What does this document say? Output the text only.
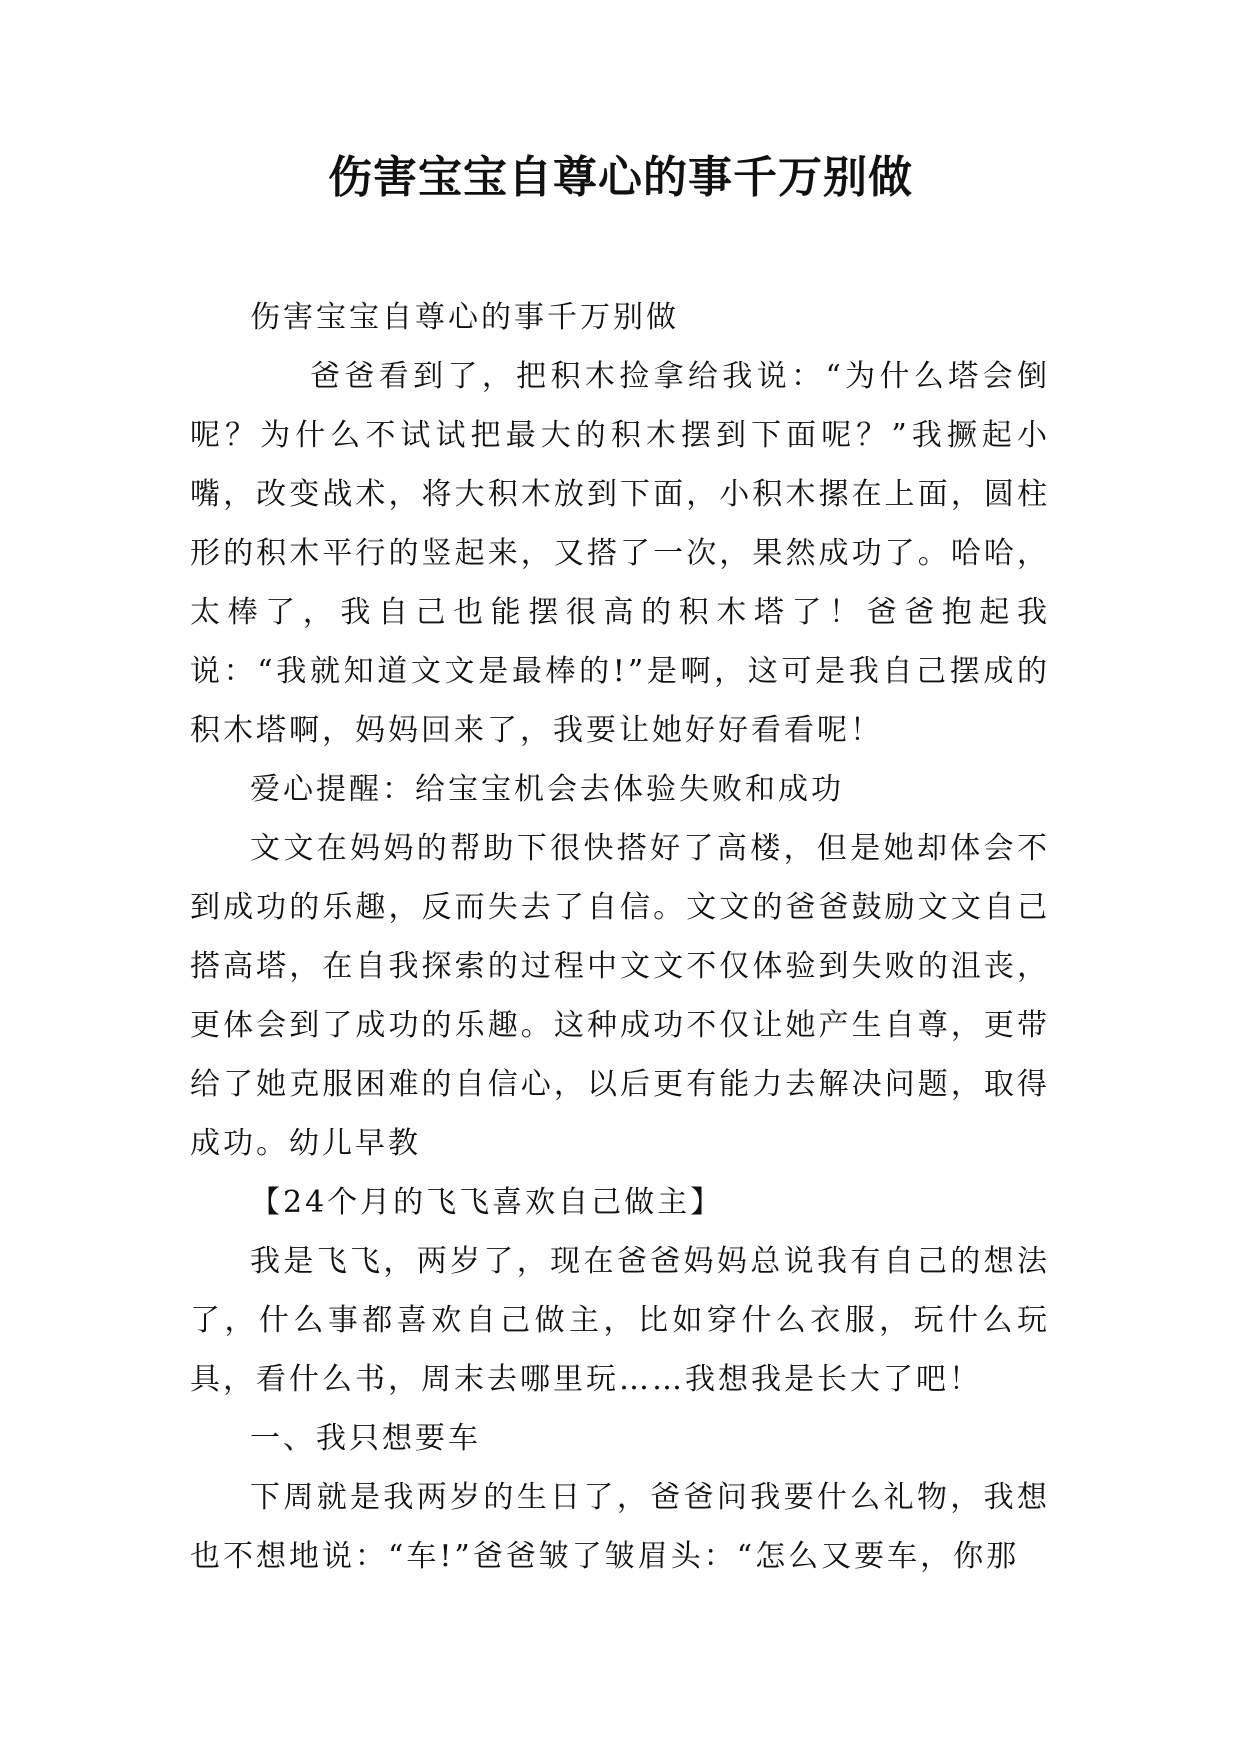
伤害宝宝自尊心的事千万别做

伤害宝宝自尊心的事千万别做

爸爸看到了，把积木捡拿给我说：“为什么塔会倒呢？为什么不试试把最大的积木摆到下面呢？”我撅起小嘴，改变战术，将大积木放到下面，小积木摞在上面，圆柱形的积木平行的竖起来，又搭了一次，果然成功了。哈哈，太棒了，我自己也能摆很高的积木塔了！爸爸抱起我说：“我就知道文文是最棒的!”是啊，这可是我自己摆成的积木塔啊，妈妈回来了，我要让她好好看看呢！

爱心提醒：给宝宝机会去体验失败和成功

文文在妈妈的帮助下很快搭好了高楼，但是她却体会不到成功的乐趣，反而失去了自信。文文的爸爸鼓励文文自己搭高塔，在自我探索的过程中文文不仅体验到失败的沮丧，更体会到了成功的乐趣。这种成功不仅让她产生自尊，更带给了她克服困难的自信心，以后更有能力去解决问题，取得成功。幼儿早教

【24个月的飞飞喜欢自己做主】

我是飞飞，两岁了，现在爸爸妈妈总说我有自己的想法了，什么事都喜欢自己做主，比如穿什么衣服，玩什么玩具，看什么书，周末去哪里玩……我想我是长大了吧！

一、我只想要车

下周就是我两岁的生日了，爸爸问我要什么礼物，我想也不想地说：“车!”爸爸皱了皱眉头：“怎么又要车，你那
